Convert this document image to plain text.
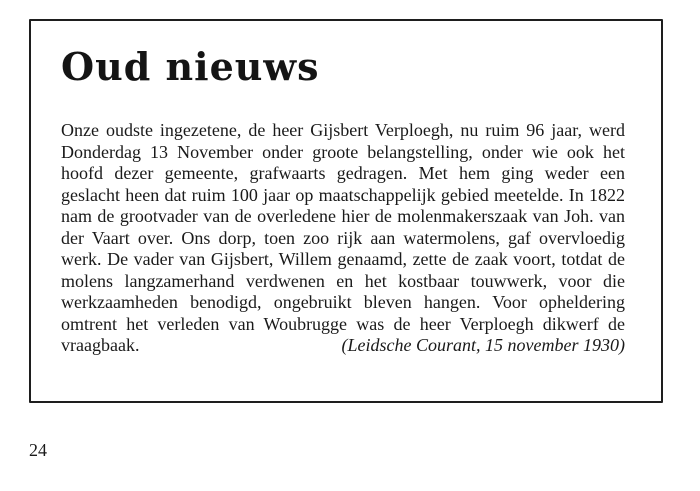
Oud nieuws

Onze oudste ingezetene, de heer Gijsbert Verploegh, nu ruim 96 jaar, werd Donderdag 13 November onder groote belangstelling, onder wie ook het hoofd dezer gemeente, grafwaarts gedragen. Met hem ging weder een geslacht heen dat ruim 100 jaar op maatschappelijk gebied meetelde. In 1822 nam de grootvader van de overledene hier de molenmakerszaak van Joh. van der Vaart over. Ons dorp, toen zoo rijk aan watermolens, gaf overvloedig werk. De vader van Gijsbert, Willem genaamd, zette de zaak voort, totdat de molens langzamerhand verdwenen en het kostbaar touwwerk, voor die werkzaamheden benodigd, ongebruikt bleven hangen. Voor opheldering omtrent het verleden van Woubrugge was de heer Verploegh dikwerf de vraagbaak.	(Leidsche Courant, 15 november 1930)

24
